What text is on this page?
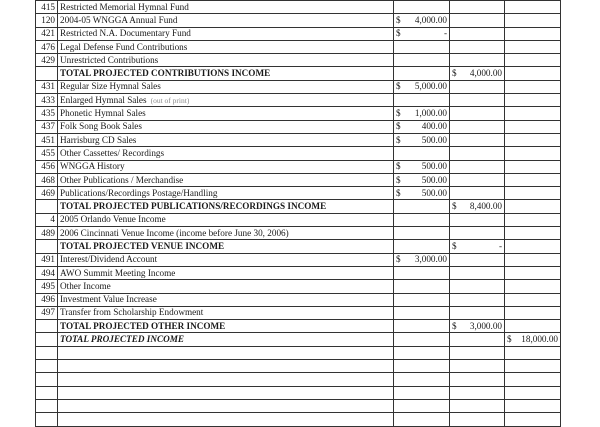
415	Restricted Memorial Hymnal Fund			
120	2004-05 WNGGA Annual Fund	$ 4,000.00		

421	Restricted N.A. Documentary Fund	$ -		

476	Legal Defense Fund Contributions			
429	Unrestricted Contributions			
	TOTAL PROJECTED CONTRIBUTIONS INCOME		$ 4,000.00	

431	Regular Size Hymnal Sales	$ 5,000.00		

433	Enlarged Hymnal Sales (out of print)			
435	Phonetic Hymnal Sales	$ 1,000.00		

437	Folk Song Book Sales	$ 400.00		

451	Harrisburg CD Sales	$ 500.00		

455	Other Cassettes/ Recordings			
456	WNGGA History	$ 500.00		

468	Other Publications / Merchandise	$ 500.00		

469	Publications/Recordings Postage/Handling	$ 500.00		

	TOTAL PROJECTED PUBLICATIONS/RECORDINGS INCOME		$ 8,400.00	

4	2005 Orlando Venue Income			
489	2006 Cincinnati Venue Income (income before June 30, 2006)			
	TOTAL PROJECTED VENUE INCOME		$ -	

491	Interest/Dividend Account	$ 3,000.00		

494	AWO Summit Meeting Income			
495	Other Income			
496	Investment Value Increase			
497	Transfer from Scholarship Endowment			
	TOTAL PROJECTED OTHER INCOME		$ 3,000.00	

	TOTAL PROJECTED INCOME			$ 18,000.00
